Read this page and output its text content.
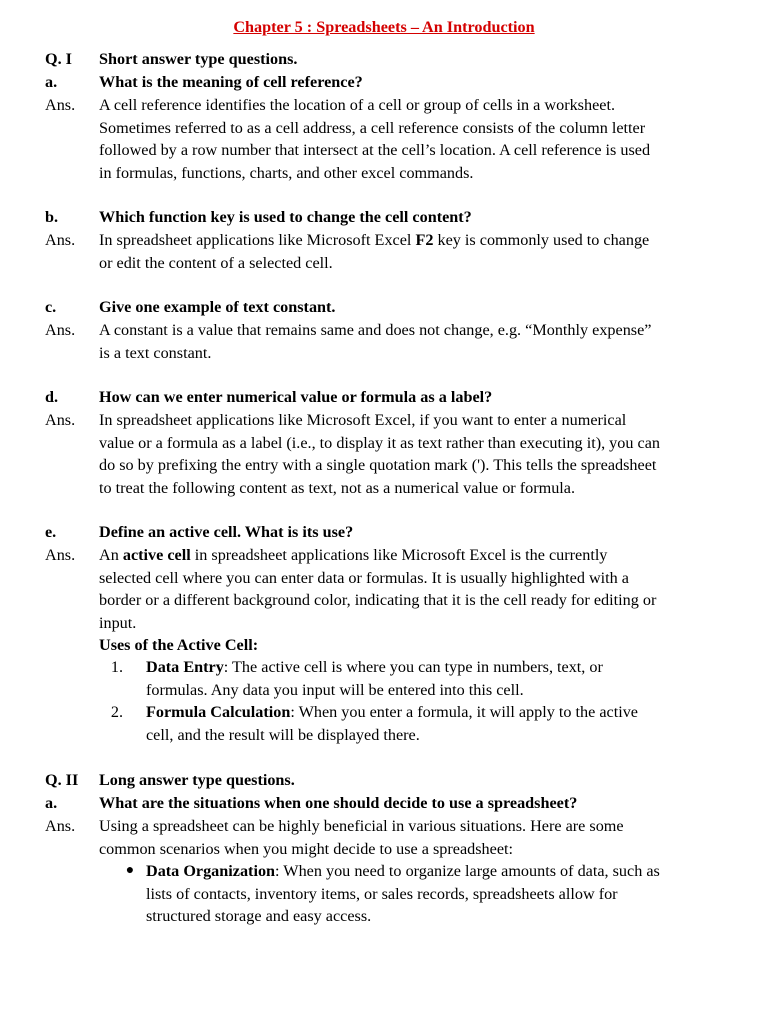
Chapter 5 : Spreadsheets – An Introduction
Q. I	Short answer type questions.
a.	What is the meaning of cell reference?
Ans.	A cell reference identifies the location of a cell or group of cells in a worksheet.
Sometimes referred to as a cell address, a cell reference consists of the column letter
followed by a row number that intersect at the cell’s location. A cell reference is used
in formulas, functions, charts, and other excel commands.
b.	Which function key is used to change the cell content?
Ans.	In spreadsheet applications like Microsoft Excel F2 key is commonly used to change
or edit the content of a selected cell.
c.	Give one example of text constant.
Ans.	A constant is a value that remains same and does not change, e.g. “Monthly expense”
is a text constant.
d.	How can we enter numerical value or formula as a label?
Ans.	In spreadsheet applications like Microsoft Excel, if you want to enter a numerical
value or a formula as a label (i.e., to display it as text rather than executing it), you can
do so by prefixing the entry with a single quotation mark ('). This tells the spreadsheet
to treat the following content as text, not as a numerical value or formula.
e.	Define an active cell. What is its use?
Ans.	An active cell in spreadsheet applications like Microsoft Excel is the currently
selected cell where you can enter data or formulas. It is usually highlighted with a
border or a different background color, indicating that it is the cell ready for editing or
input.
Uses of the Active Cell:
1. Data Entry: The active cell is where you can type in numbers, text, or
formulas. Any data you input will be entered into this cell.
2. Formula Calculation: When you enter a formula, it will apply to the active
cell, and the result will be displayed there.
Q. II	Long answer type questions.
a.	What are the situations when one should decide to use a spreadsheet?
Ans.	Using a spreadsheet can be highly beneficial in various situations. Here are some
common scenarios when you might decide to use a spreadsheet:
● Data Organization: When you need to organize large amounts of data, such as
lists of contacts, inventory items, or sales records, spreadsheets allow for
structured storage and easy access.
